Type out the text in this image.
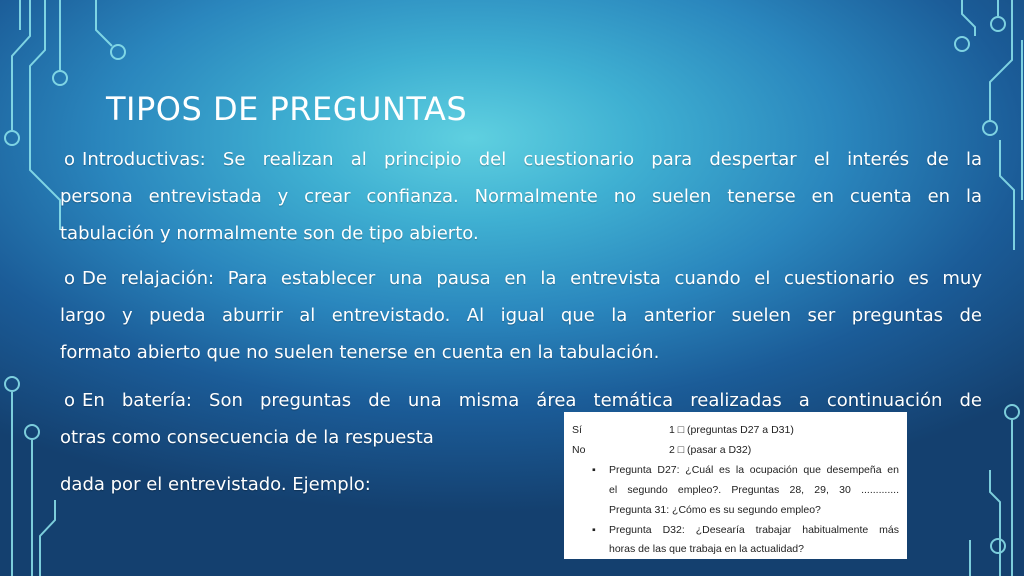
TIPOS DE PREGUNTAS
o Introductivas: Se realizan al principio del cuestionario para despertar el interés de la
persona entrevistada y crear confianza. Normalmente no suelen tenerse en cuenta en la
tabulación y normalmente son de tipo abierto.
o De relajación: Para establecer una pausa en la entrevista cuando el cuestionario es muy
largo y pueda aburrir al entrevistado. Al igual que la anterior suelen ser preguntas de
formato abierto que no suelen tenerse en cuenta en la tabulación.
o En batería: Son preguntas de una misma área temática realizadas a continuación de
otras como consecuencia de la respuesta
dada por el entrevistado. Ejemplo:
Sí	1 □ (preguntas D27 a D31)
No	2 □ (pasar a D32)
▪ Pregunta D27: ¿Cuál es la ocupación que desempeña en
el segundo empleo?. Preguntas 28, 29, 30 .............
Pregunta 31: ¿Cómo es su segundo empleo?
▪ Pregunta D32: ¿Desearía trabajar habitualmente más
horas de las que trabaja en la actualidad?
